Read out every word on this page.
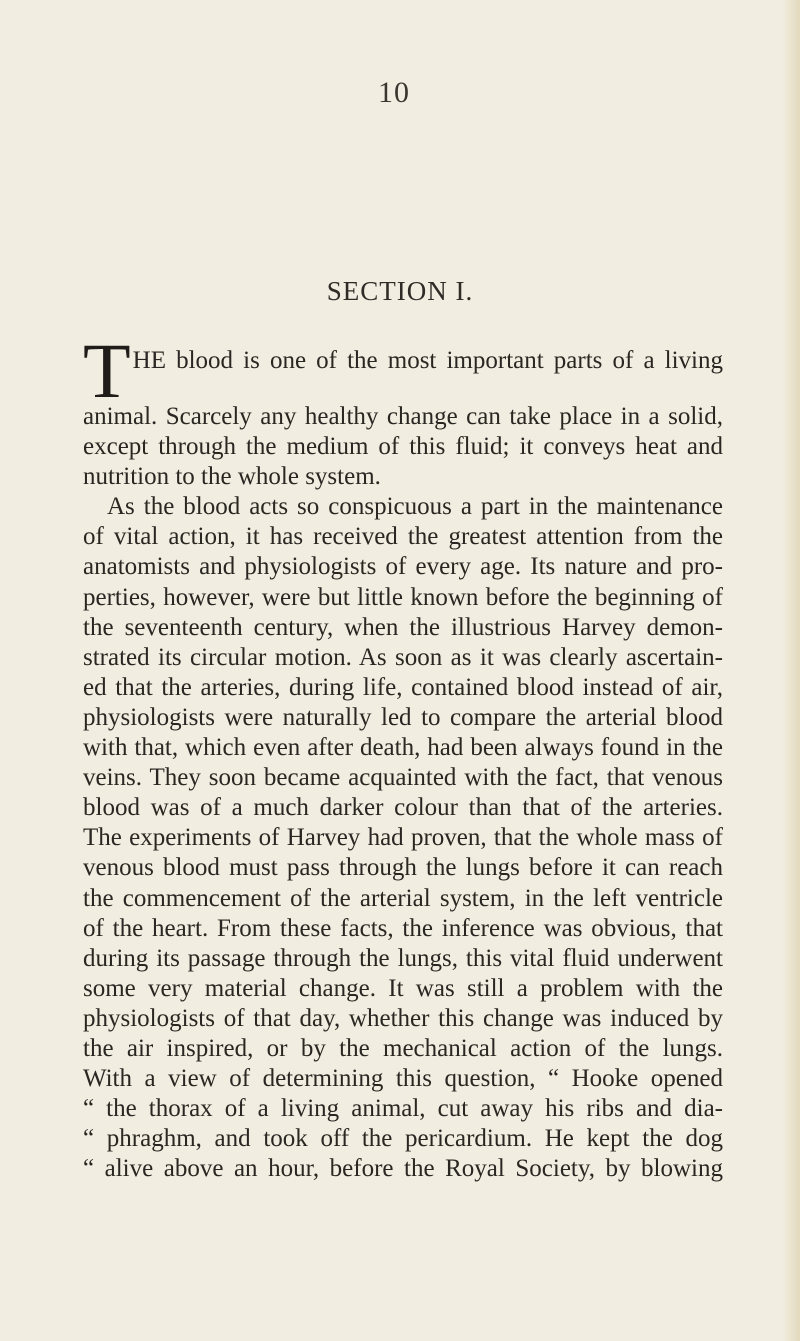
10
SECTION I.
T HE blood is one of the most important parts of a living
animal. Scarcely any healthy change can take place in a solid,
except through the medium of this fluid; it conveys heat and
nutrition to the whole system.
As the blood acts so conspicuous a part in the maintenance
of vital action, it has received the greatest attention from the
anatomists and physiologists of every age. Its nature and pro-
perties, however, were but little known before the beginning of
the seventeenth century, when the illustrious Harvey demon-
strated its circular motion. As soon as it was clearly ascertain-
ed that the arteries, during life, contained blood instead of air,
physiologists were naturally led to compare the arterial blood
with that, which even after death, had been always found in the
veins. They soon became acquainted with the fact, that venous
blood was of a much darker colour than that of the arteries.
The experiments of Harvey had proven, that the whole mass of
venous blood must pass through the lungs before it can reach
the commencement of the arterial system, in the left ventricle
of the heart. From these facts, the inference was obvious, that
during its passage through the lungs, this vital fluid underwent
some very material change. It was still a problem with the
physiologists of that day, whether this change was induced by
the air inspired, or by the mechanical action of the lungs.
With a view of determining this question, “ Hooke opened
“ the thorax of a living animal, cut away his ribs and dia-
“ phraghm, and took off the pericardium. He kept the dog
“ alive above an hour, before the Royal Society, by blowing
